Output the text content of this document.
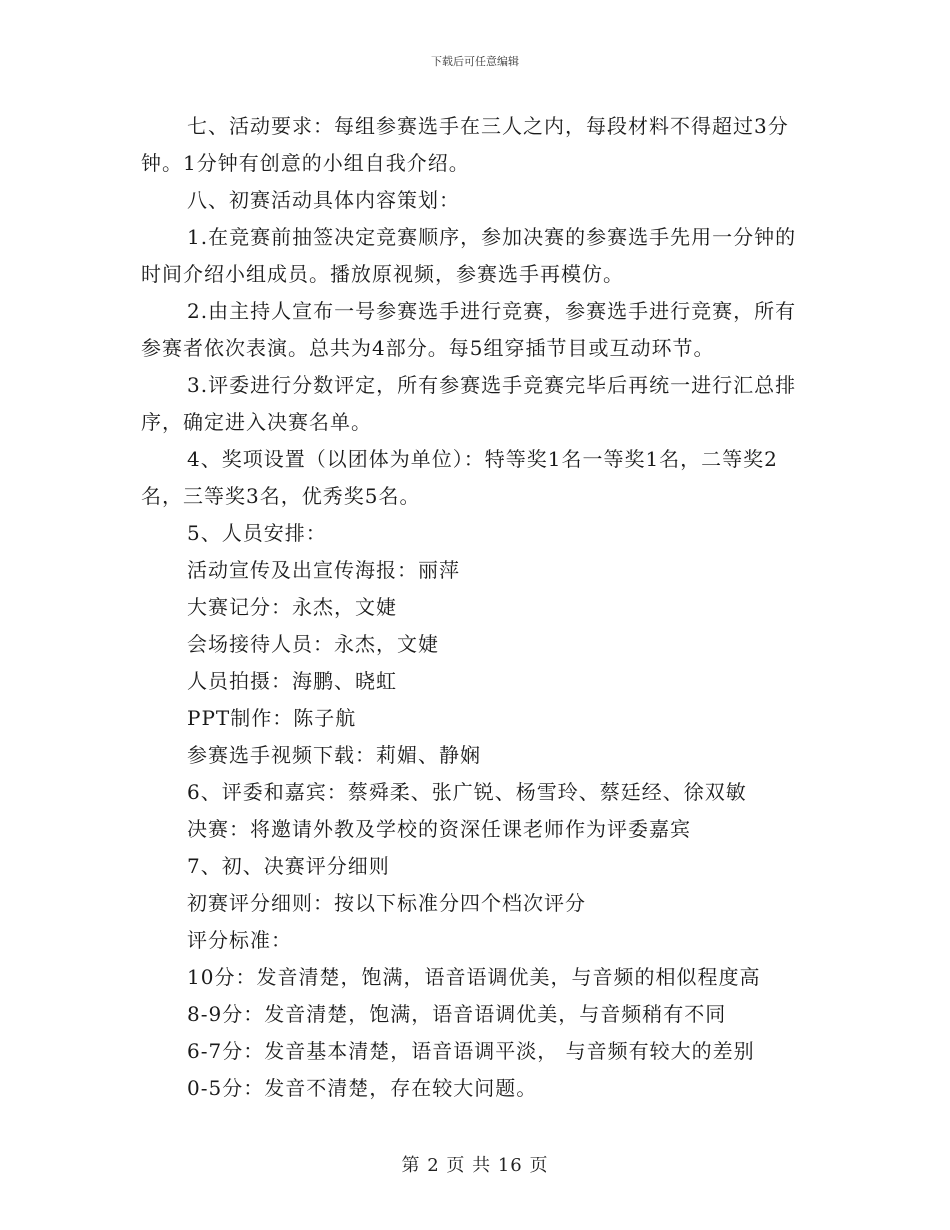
下载后可任意编辑

七、活动要求：每组参赛选手在三人之内，每段材料不得超过3分钟。1分钟有创意的小组自我介绍。

八、初赛活动具体内容策划：

1.在竞赛前抽签决定竞赛顺序，参加决赛的参赛选手先用一分钟的时间介绍小组成员。播放原视频，参赛选手再模仿。

2.由主持人宣布一号参赛选手进行竞赛，参赛选手进行竞赛，所有参赛者依次表演。总共为4部分。每5组穿插节目或互动环节。

3.评委进行分数评定，所有参赛选手竞赛完毕后再统一进行汇总排序，确定进入决赛名单。

4、奖项设置（以团体为单位）：特等奖1名一等奖1名，二等奖2名，三等奖3名，优秀奖5名。

5、人员安排：

活动宣传及出宣传海报：丽萍

大赛记分：永杰，文婕

会场接待人员：永杰，文婕

人员拍摄：海鹏、晓虹

PPT制作：陈子航

参赛选手视频下载：莉媚、静娴

6、评委和嘉宾：蔡舜柔、张广锐、杨雪玲、蔡廷经、徐双敏

决赛：将邀请外教及学校的资深任课老师作为评委嘉宾

7、初、决赛评分细则

初赛评分细则：按以下标准分四个档次评分

评分标准：

10分：发音清楚，饱满，语音语调优美，与音频的相似程度高

8-9分：发音清楚，饱满，语音语调优美，与音频稍有不同

6-7分：发音基本清楚，语音语调平淡， 与音频有较大的差别

0-5分：发音不清楚，存在较大问题。

第 2 页 共 16 页
